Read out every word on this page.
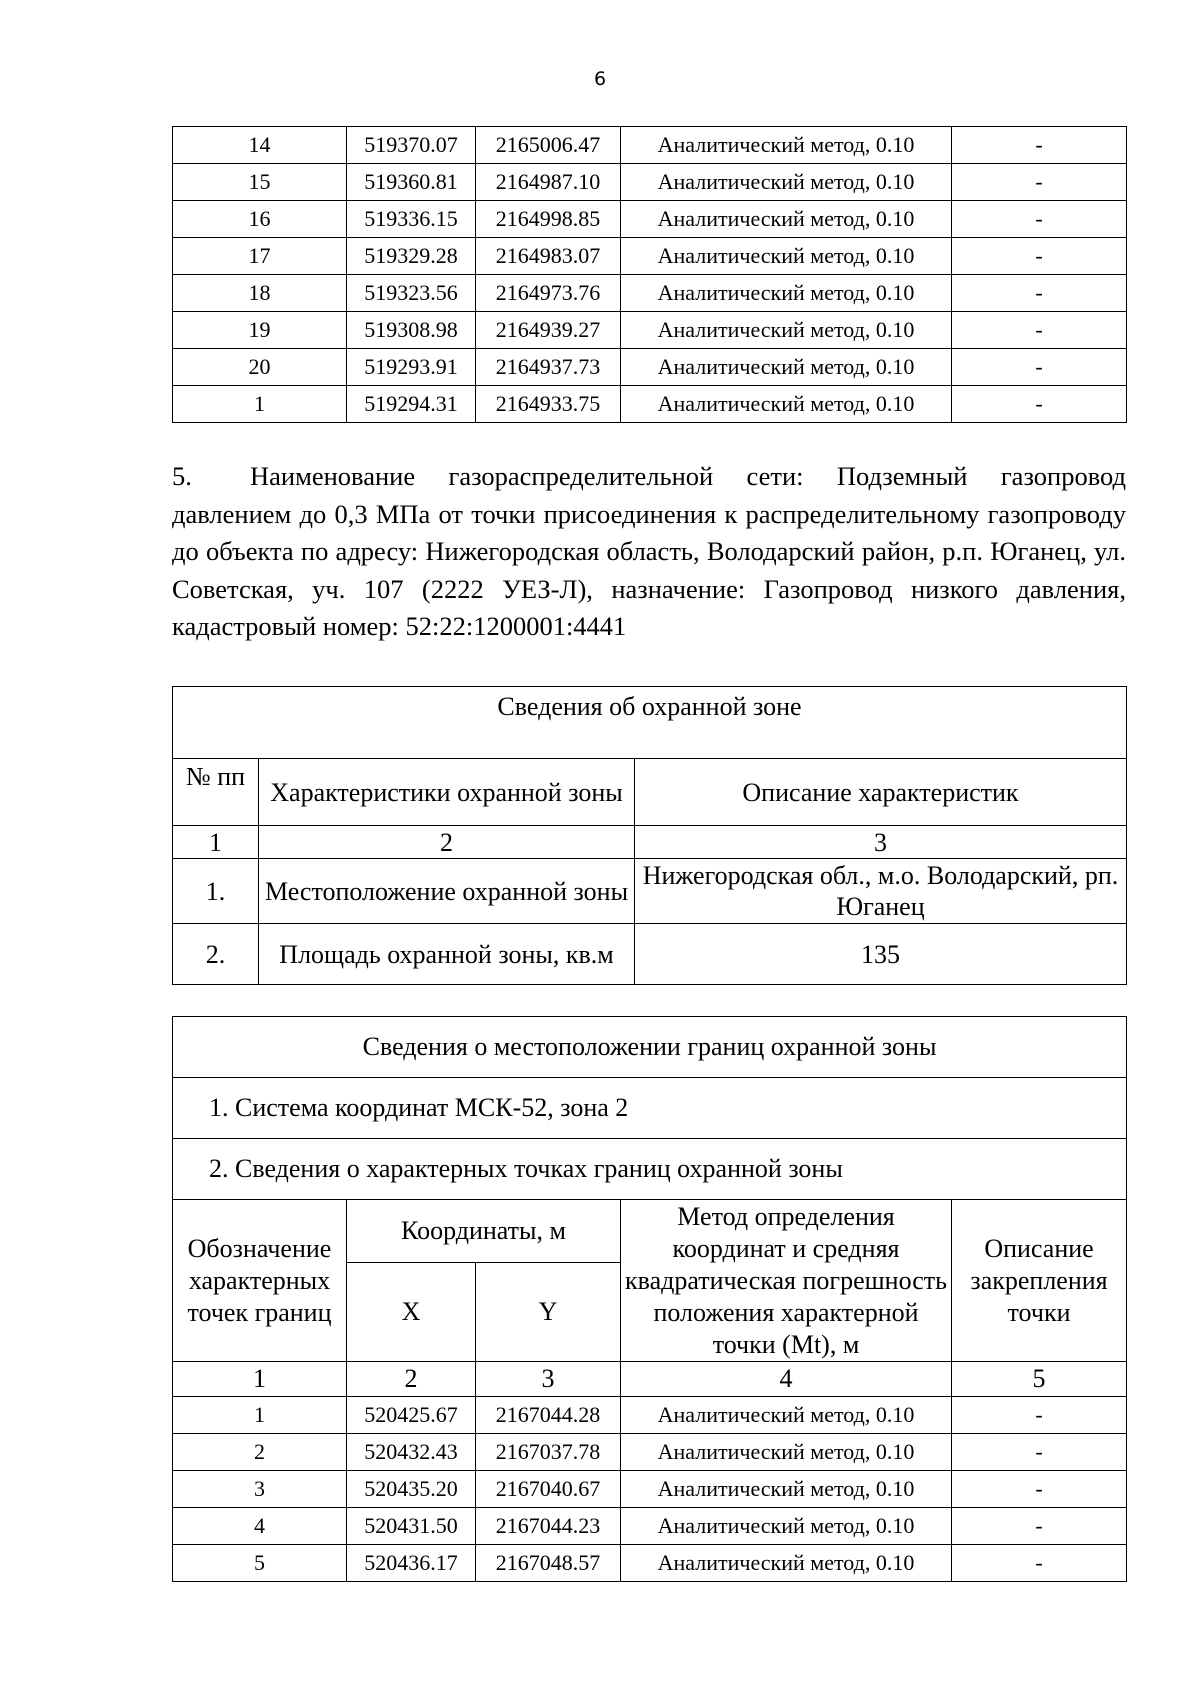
6
14	519370.07	2165006.47	Аналитический метод, 0.10	-
15	519360.81	2164987.10	Аналитический метод, 0.10	-
16	519336.15	2164998.85	Аналитический метод, 0.10	-
17	519329.28	2164983.07	Аналитический метод, 0.10	-
18	519323.56	2164973.76	Аналитический метод, 0.10	-
19	519308.98	2164939.27	Аналитический метод, 0.10	-
20	519293.91	2164937.73	Аналитический метод, 0.10	-
1	519294.31	2164933.75	Аналитический метод, 0.10	-
5. Наименование газораспределительной сети: Подземный газопровод давлением до 0,3 МПа от точки присоединения к распределительному газопроводу до объекта по адресу: Нижегородская область, Володарский район, р.п. Юганец, ул. Советская, уч. 107 (2222 УЕЗ-Л), назначение: Газопровод низкого давления, кадастровый номер: 52:22:1200001:4441
Сведения об охранной зоне		
№ пп	Характеристики охранной зоны	Описание характеристик
1	2	3
1.	Местоположение охранной зоны	Нижегородская обл., м.о. Володарский, рп. Юганец
2.	Площадь охранной зоны, кв.м	135
Сведения о местоположении границ охранной зоны				
1. Система координат МСК-52, зона 2				
2. Сведения о характерных точках границ охранной зоны				
Обозначение характерных точек границ	Координаты, м		Метод определения координат и средняя квадратическая погрешность положения характерной точки (Mt), м	Описание закрепления точки
	X	Y		
1	2	3	4	5
1	520425.67	2167044.28	Аналитический метод, 0.10	-
2	520432.43	2167037.78	Аналитический метод, 0.10	-
3	520435.20	2167040.67	Аналитический метод, 0.10	-
4	520431.50	2167044.23	Аналитический метод, 0.10	-
5	520436.17	2167048.57	Аналитический метод, 0.10	-
